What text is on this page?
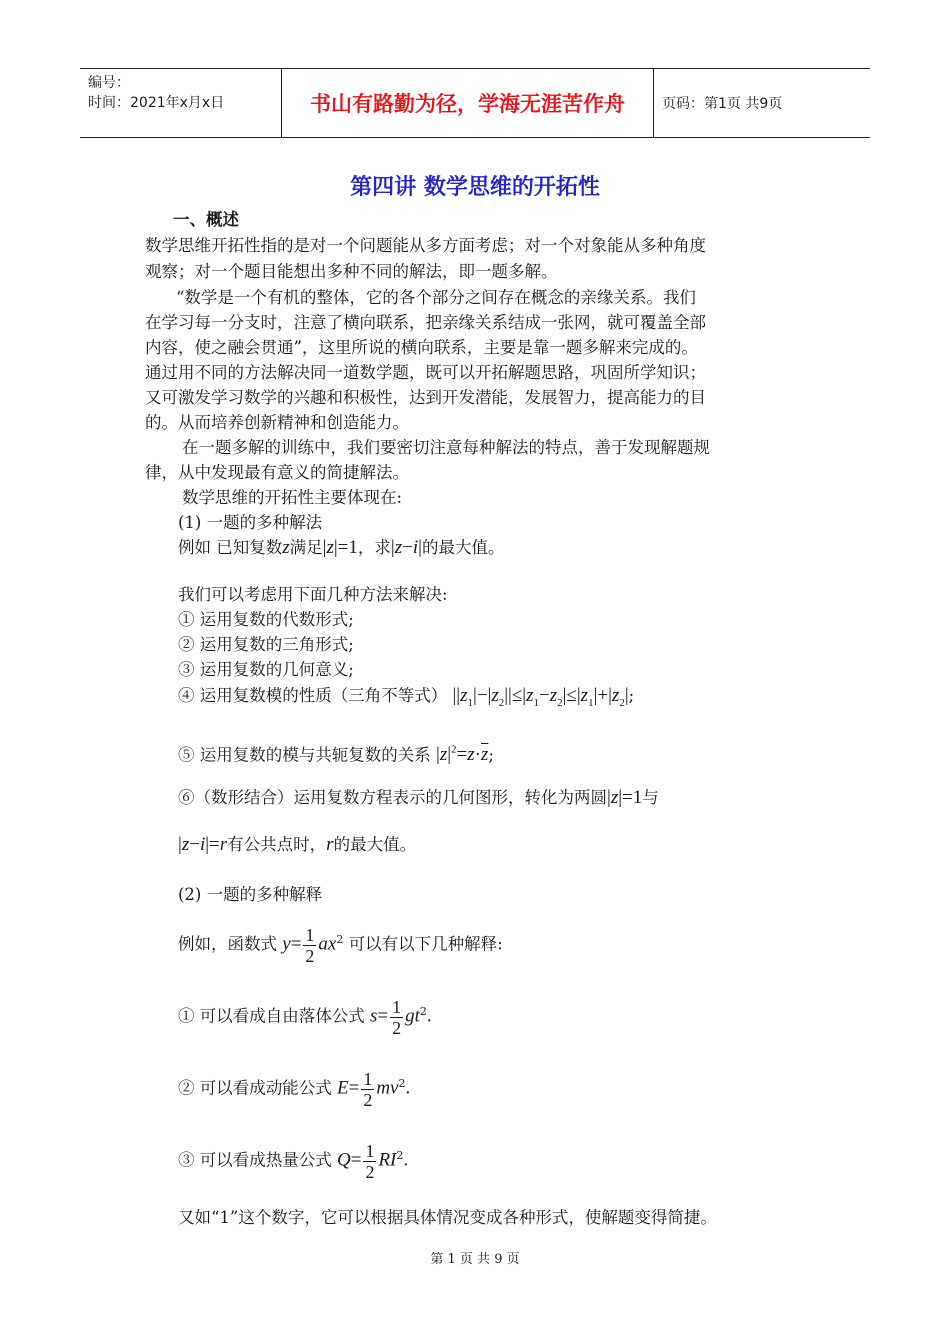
编号：
时间：2021年x月x日	书山有路勤为径，学海无涯苦作舟	页码：第1页 共9页
第四讲 数学思维的开拓性
一、概述
数学思维开拓性指的是对一个问题能从多方面考虑；对一个对象能从多种角度
观察；对一个题目能想出多种不同的解法，即一题多解。
“数学是一个有机的整体，它的各个部分之间存在概念的亲缘关系。我们
在学习每一分支时，注意了横向联系，把亲缘关系结成一张网，就可覆盖全部
内容，使之融会贯通”，这里所说的横向联系，主要是靠一题多解来完成的。
通过用不同的方法解决同一道数学题，既可以开拓解题思路，巩固所学知识；
又可激发学习数学的兴趣和积极性，达到开发潜能，发展智力，提高能力的目
的。从而培养创新精神和创造能力。
在一题多解的训练中，我们要密切注意每种解法的特点，善于发现解题规
律，从中发现最有意义的简捷解法。
数学思维的开拓性主要体现在:
(1) 一题的多种解法
例如 已知复数z满足|z|=1，求|z−i|的最大值。
我们可以考虑用下面几种方法来解决:
① 运用复数的代数形式;
② 运用复数的三角形式;
③ 运用复数的几何意义;
④ 运用复数模的性质（三角不等式） $||z_1|-|z_2||\le|z_1-z_2|\le|z_1|+|z_2|$;
⑤ 运用复数的模与共轭复数的关系 $|z|^2=z\cdot\overline{z}$;
⑥（数形结合）运用复数方程表示的几何图形，转化为两圆|z|=1与
|z−i|=r有公共点时，r的最大值。
(2) 一题的多种解释
例如，函数式 $y= \frac{1}{2} ax^2$ 可以有以下几种解释:
① 可以看成自由落体公式 $s= \frac{1}{2} gt^2$.
② 可以看成动能公式 $E= \frac{1}{2} mv^2$.
③ 可以看成热量公式 $Q= \frac{1}{2} RI^2$.
又如“1”这个数字，它可以根据具体情况变成各种形式，使解题变得简捷。
第 1 页 共 9 页
